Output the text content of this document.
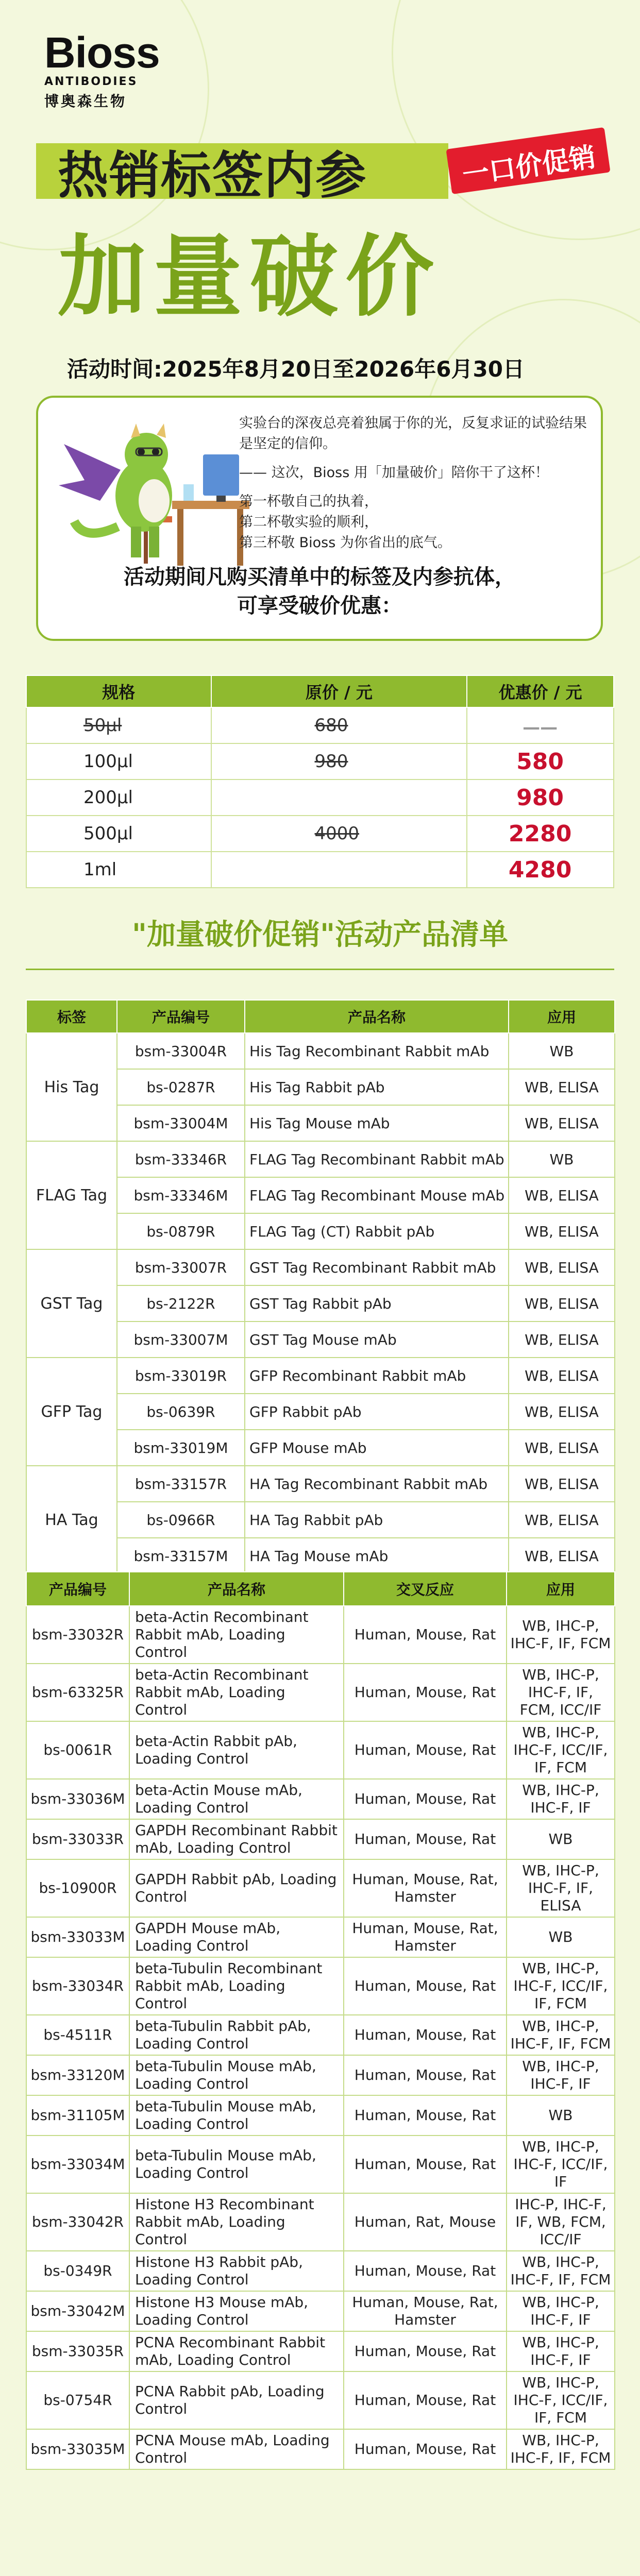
Bioss
ANTIBODIES
博奥森生物
热销标签内参	一口价促销
加量破价
活动时间:2025年8月20日至2026年6月30日
实验台的深夜总亮着独属于你的光，反复求证的试验结果是坚定的信仰。
—— 这次，Bioss 用「加量破价」陪你干了这杯！
第一杯敬自己的执着，
第二杯敬实验的顺利，
第三杯敬 Bioss 为你省出的底气。
活动期间凡购买清单中的标签及内参抗体，
可享受破价优惠：
规格	原价 / 元	优惠价 / 元
50μl	680	——
100μl	980	580
200μl		980
500μl	4000	2280
1ml		4280
"加量破价促销"活动产品清单
标签	产品编号	产品名称	应用
His Tag	bsm-33004R	His Tag Recombinant Rabbit mAb	WB
	bs-0287R	His Tag Rabbit pAb	WB, ELISA
	bsm-33004M	His Tag Mouse mAb	WB, ELISA
FLAG Tag	bsm-33346R	FLAG Tag Recombinant Rabbit mAb	WB
	bsm-33346M	FLAG Tag Recombinant Mouse mAb	WB, ELISA
	bs-0879R	FLAG Tag (CT) Rabbit pAb	WB, ELISA
GST Tag	bsm-33007R	GST Tag Recombinant Rabbit mAb	WB, ELISA
	bs-2122R	GST Tag Rabbit pAb	WB, ELISA
	bsm-33007M	GST Tag Mouse mAb	WB, ELISA
GFP Tag	bsm-33019R	GFP Recombinant Rabbit mAb	WB, ELISA
	bs-0639R	GFP Rabbit pAb	WB, ELISA
	bsm-33019M	GFP Mouse mAb	WB, ELISA
HA Tag	bsm-33157R	HA Tag Recombinant Rabbit mAb	WB, ELISA
	bs-0966R	HA Tag Rabbit pAb	WB, ELISA
	bsm-33157M	HA Tag Mouse mAb	WB, ELISA
产品编号	产品名称	交叉反应	应用
bsm-33032R	beta-Actin Recombinant Rabbit mAb, Loading Control	Human, Mouse, Rat	WB, IHC-P, IHC-F, IF, FCM
bsm-63325R	beta-Actin Recombinant Rabbit mAb, Loading Control	Human, Mouse, Rat	WB, IHC-P, IHC-F, IF, FCM, ICC/IF
bs-0061R	beta-Actin Rabbit pAb, Loading Control	Human, Mouse, Rat	WB, IHC-P, IHC-F, ICC/IF, IF, FCM
bsm-33036M	beta-Actin Mouse mAb, Loading Control	Human, Mouse, Rat	WB, IHC-P, IHC-F, IF
bsm-33033R	GAPDH Recombinant Rabbit mAb, Loading Control	Human, Mouse, Rat	WB
bs-10900R	GAPDH Rabbit pAb, Loading Control	Human, Mouse, Rat, Hamster	WB, IHC-P, IHC-F, IF, ELISA
bsm-33033M	GAPDH Mouse mAb, Loading Control	Human, Mouse, Rat, Hamster	WB
bsm-33034R	beta-Tubulin Recombinant Rabbit mAb, Loading Control	Human, Mouse, Rat	WB, IHC-P, IHC-F, ICC/IF, IF, FCM
bs-4511R	beta-Tubulin Rabbit pAb, Loading Control	Human, Mouse, Rat	WB, IHC-P, IHC-F, IF, FCM
bsm-33120M	beta-Tubulin Mouse mAb, Loading Control	Human, Mouse, Rat	WB, IHC-P, IHC-F, IF
bsm-31105M	beta-Tubulin Mouse mAb, Loading Control	Human, Mouse, Rat	WB
bsm-33034M	beta-Tubulin Mouse mAb, Loading Control	Human, Mouse, Rat	WB, IHC-P, IHC-F, ICC/IF, IF
bsm-33042R	Histone H3 Recombinant Rabbit mAb, Loading Control	Human, Rat, Mouse	IHC-P, IHC-F, IF, WB, FCM, ICC/IF
bs-0349R	Histone H3 Rabbit pAb, Loading Control	Human, Mouse, Rat	WB, IHC-P, IHC-F, IF, FCM
bsm-33042M	Histone H3 Mouse mAb, Loading Control	Human, Mouse, Rat, Hamster	WB, IHC-P, IHC-F, IF
bsm-33035R	PCNA Recombinant Rabbit mAb, Loading Control	Human, Mouse, Rat	WB, IHC-P, IHC-F, IF
bs-0754R	PCNA Rabbit pAb, Loading Control	Human, Mouse, Rat	WB, IHC-P, IHC-F, ICC/IF, IF, FCM
bsm-33035M	PCNA Mouse mAb, Loading Control	Human, Mouse, Rat	WB, IHC-P, IHC-F, IF, FCM
